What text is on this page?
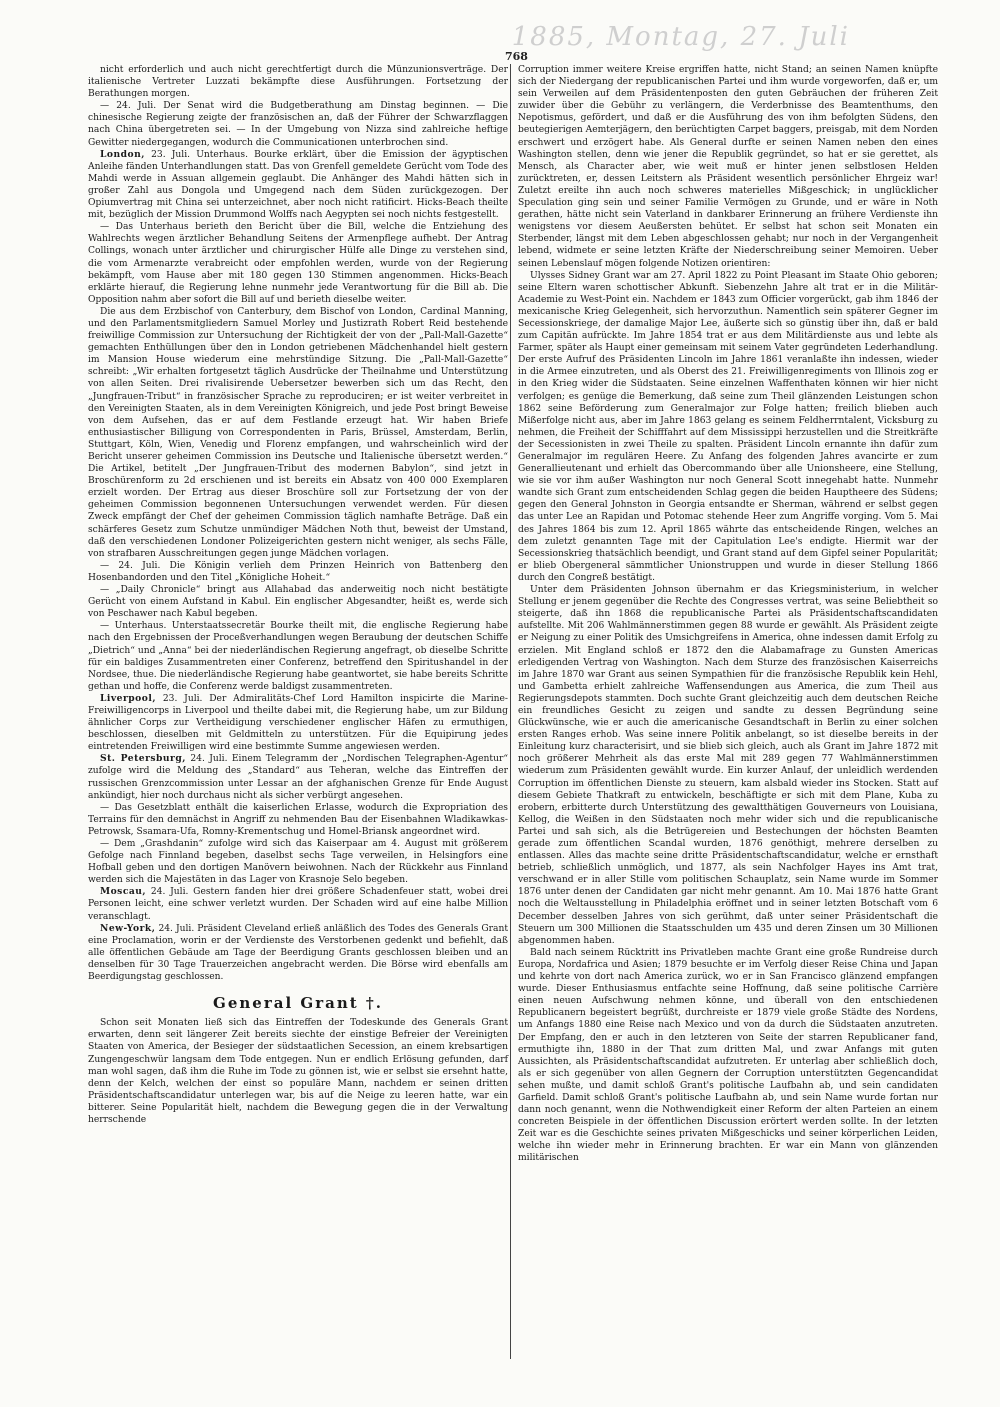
1885, Montag, 27. Juli
768

nicht erforderlich und auch nicht gerechtfertigt durch die Münzunionsverträge. Der italienische Vertreter Luzzati bekämpfte diese Ausführungen. Fortsetzung der Berathungen morgen.

— 24. Juli. Der Senat wird die Budgetberathung am Dinstag beginnen. — Die chinesische Regierung zeigte der französischen an, daß der Führer der Schwarzflaggen nach China übergetreten sei. — In der Umgebung von Nizza sind zahlreiche heftige Gewitter niedergegangen, wodurch die Communicationen unterbrochen sind.

London, 23. Juli. Unterhaus. Bourke erklärt, über die Emission der ägyptischen Anleihe fänden Unterhandlungen statt. Das von Grenfell gemeldete Gerücht vom Tode des Mahdi werde in Assuan allgemein geglaubt. Die Anhänger des Mahdi hätten sich in großer Zahl aus Dongola und Umgegend nach dem Süden zurückgezogen. Der Opiumvertrag mit China sei unterzeichnet, aber noch nicht ratificirt. Hicks-Beach theilte mit, bezüglich der Mission Drummond Wolffs nach Aegypten sei noch nichts festgestellt.

— Das Unterhaus berieth den Bericht über die Bill, welche die Entziehung des Wahlrechts wegen ärztlicher Behandlung Seitens der Armenpflege aufhebt. Der Antrag Collings, wonach unter ärztlicher und chirurgischer Hülfe alle Dinge zu verstehen sind, die vom Armenarzte verabreicht oder empfohlen werden, wurde von der Regierung bekämpft, vom Hause aber mit 180 gegen 130 Stimmen angenommen. Hicks-Beach erklärte hierauf, die Regierung lehne nunmehr jede Verantwortung für die Bill ab. Die Opposition nahm aber sofort die Bill auf und berieth dieselbe weiter.

Die aus dem Erzbischof von Canterbury, dem Bischof von London, Cardinal Manning, und den Parlamentsmitgliedern Samuel Morley und Justizrath Robert Reid bestehende freiwillige Commission zur Untersuchung der Richtigkeit der von der „Pall-Mall-Gazette“ gemachten Enthüllungen über den in London getriebenen Mädchenhandel hielt gestern im Mansion House wiederum eine mehrstündige Sitzung. Die „Pall-Mall-Gazette“ schreibt: „Wir erhalten fortgesetzt täglich Ausdrücke der Theilnahme und Unterstützung von allen Seiten. Drei rivalisirende Uebersetzer bewerben sich um das Recht, den „Jungfrauen-Tribut“ in französischer Sprache zu reproduciren; er ist weiter verbreitet in den Vereinigten Staaten, als in dem Vereinigten Königreich, und jede Post bringt Beweise von dem Aufsehen, das er auf dem Festlande erzeugt hat. Wir haben Briefe enthusiastischer Billigung von Correspondenten in Paris, Brüssel, Amsterdam, Berlin, Stuttgart, Köln, Wien, Venedig und Florenz empfangen, und wahrscheinlich wird der Bericht unserer geheimen Commission ins Deutsche und Italienische übersetzt werden.“ Die Artikel, betitelt „Der Jungfrauen-Tribut des modernen Babylon“, sind jetzt in Broschürenform zu 2d erschienen und ist bereits ein Absatz von 400 000 Exemplaren erzielt worden. Der Ertrag aus dieser Broschüre soll zur Fortsetzung der von der geheimen Commission begonnenen Untersuchungen verwendet werden. Für diesen Zweck empfängt der Chef der geheimen Commission täglich namhafte Beträge. Daß ein schärferes Gesetz zum Schutze unmündiger Mädchen Noth thut, beweist der Umstand, daß den verschiedenen Londoner Polizeigerichten gestern nicht weniger, als sechs Fälle, von strafbaren Ausschreitungen gegen junge Mädchen vorlagen.

— 24. Juli. Die Königin verlieh dem Prinzen Heinrich von Battenberg den Hosenbandorden und den Titel „Königliche Hoheit.“

— „Daily Chronicle“ bringt aus Allahabad das anderweitig noch nicht bestätigte Gerücht von einem Aufstand in Kabul. Ein englischer Abgesandter, heißt es, werde sich von Peschawer nach Kabul begeben.

— Unterhaus. Unterstaatssecretär Bourke theilt mit, die englische Regierung habe nach den Ergebnissen der Proceßverhandlungen wegen Beraubung der deutschen Schiffe „Dietrich“ und „Anna“ bei der niederländischen Regierung angefragt, ob dieselbe Schritte für ein baldiges Zusammentreten einer Conferenz, betreffend den Spiritushandel in der Nordsee, thue. Die niederländische Regierung habe geantwortet, sie habe bereits Schritte gethan und hoffe, die Conferenz werde baldigst zusammentreten.

Liverpool, 23. Juli. Der Admiralitäts-Chef Lord Hamilton inspicirte die Marine-Freiwilligencorps in Liverpool und theilte dabei mit, die Regierung habe, um zur Bildung ähnlicher Corps zur Vertheidigung verschiedener englischer Häfen zu ermuthigen, beschlossen, dieselben mit Geldmitteln zu unterstützen. Für die Equipirung jedes eintretenden Freiwilligen wird eine bestimmte Summe angewiesen werden.

St. Petersburg, 24. Juli. Einem Telegramm der „Nordischen Telegraphen-Agentur“ zufolge wird die Meldung des „Standard“ aus Teheran, welche das Eintreffen der russischen Grenzcommission unter Lessar an der afghanischen Grenze für Ende August ankündigt, hier noch durchaus nicht als sicher verbürgt angesehen.

— Das Gesetzblatt enthält die kaiserlichen Erlasse, wodurch die Expropriation des Terrains für den demnächst in Angriff zu nehmenden Bau der Eisenbahnen Wladikawkas-Petrowsk, Ssamara-Ufa, Romny-Krementschug und Homel-Briansk angeordnet wird.

— Dem „Grashdanin“ zufolge wird sich das Kaiserpaar am 4. August mit größerem Gefolge nach Finnland begeben, daselbst sechs Tage verweilen, in Helsingfors eine Hofball geben und den dortigen Manövern beiwohnen. Nach der Rückkehr aus Finnland werden sich die Majestäten in das Lager von Krasnoje Selo begeben.

Moscau, 24. Juli. Gestern fanden hier drei größere Schadenfeuer statt, wobei drei Personen leicht, eine schwer verletzt wurden. Der Schaden wird auf eine halbe Million veranschlagt.

New-York, 24. Juli. Präsident Cleveland erließ anläßlich des Todes des Generals Grant eine Proclamation, worin er der Verdienste des Verstorbenen gedenkt und befiehlt, daß alle öffentlichen Gebäude am Tage der Beerdigung Grants geschlossen bleiben und an denselben für 30 Tage Trauerzeichen angebracht werden. Die Börse wird ebenfalls am Beerdigungstag geschlossen.

General Grant †.

Schon seit Monaten ließ sich das Eintreffen der Todeskunde des Generals Grant erwarten, denn seit längerer Zeit bereits siechte der einstige Befreier der Vereinigten Staaten von America, der Besieger der südstaatlichen Secession, an einem krebsartigen Zungengeschwür langsam dem Tode entgegen. Nun er endlich Erlösung gefunden, darf man wohl sagen, daß ihm die Ruhe im Tode zu gönnen ist, wie er selbst sie ersehnt hatte, denn der Kelch, welchen der einst so populäre Mann, nachdem er seinen dritten Präsidentschaftscandidatur unterlegen war, bis auf die Neige zu leeren hatte, war ein bitterer. Seine Popularität hielt, nachdem die Bewegung gegen die in der Verwaltung herrschende

Corruption immer weitere Kreise ergriffen hatte, nicht Stand; an seinen Namen knüpfte sich der Niedergang der republicanischen Partei und ihm wurde vorgeworfen, daß er, um sein Verweilen auf dem Präsidentenposten den guten Gebräuchen der früheren Zeit zuwider über die Gebühr zu verlängern, die Verderbnisse des Beamtenthums, den Nepotismus, gefördert, und daß er die Ausführung des von ihm befolgten Südens, den beutegierigen Aemterjägern, den berüchtigten Carpet baggers, preisgab, mit dem Norden erschwert und erzögert habe. Als General durfte er seinen Namen neben den eines Washington stellen, denn wie jener die Republik gegründet, so hat er sie gerettet, als Mensch, als Character aber, wie weit muß er hinter jenen selbstlosen Helden zurücktreten, er, dessen Leitstern als Präsident wesentlich persönlicher Ehrgeiz war! Zuletzt ereilte ihn auch noch schweres materielles Mißgeschick; in unglücklicher Speculation ging sein und seiner Familie Vermögen zu Grunde, und er wäre in Noth gerathen, hätte nicht sein Vaterland in dankbarer Erinnerung an frühere Verdienste ihn wenigstens vor diesem Aeußersten behütet. Er selbst hat schon seit Monaten ein Sterbender, längst mit dem Leben abgeschlossen gehabt; nur noch in der Vergangenheit lebend, widmete er seine letzten Kräfte der Niederschreibung seiner Memoiren. Ueber seinen Lebenslauf mögen folgende Notizen orientiren:

Ulysses Sidney Grant war am 27. April 1822 zu Point Pleasant im Staate Ohio geboren; seine Eltern waren schottischer Abkunft. Siebenzehn Jahre alt trat er in die Militär-Academie zu West-Point ein. Nachdem er 1843 zum Officier vorgerückt, gab ihm 1846 der mexicanische Krieg Gelegenheit, sich hervorzuthun. Namentlich sein späterer Gegner im Secessionskriege, der damalige Major Lee, äußerte sich so günstig über ihn, daß er bald zum Capitän aufrückte. Im Jahre 1854 trat er aus dem Militärdienste aus und lebte als Farmer, später als Haupt einer gemeinsam mit seinem Vater gegründeten Lederhandlung. Der erste Aufruf des Präsidenten Lincoln im Jahre 1861 veranlaßte ihn indessen, wieder in die Armee einzutreten, und als Oberst des 21. Freiwilligenregiments von Illinois zog er in den Krieg wider die Südstaaten. Seine einzelnen Waffenthaten können wir hier nicht verfolgen; es genüge die Bemerkung, daß seine zum Theil glänzenden Leistungen schon 1862 seine Beförderung zum Generalmajor zur Folge hatten; freilich blieben auch Mißerfolge nicht aus, aber im Jahre 1863 gelang es seinem Feldherrntalent, Vicksburg zu nehmen, die Freiheit der Schifffahrt auf dem Mississippi herzustellen und die Streitkräfte der Secessionisten in zwei Theile zu spalten. Präsident Lincoln ernannte ihn dafür zum Generalmajor im regulären Heere. Zu Anfang des folgenden Jahres avancirte er zum Generallieutenant und erhielt das Obercommando über alle Unionsheere, eine Stellung, wie sie vor ihm außer Washington nur noch General Scott innegehabt hatte. Nunmehr wandte sich Grant zum entscheidenden Schlag gegen die beiden Hauptheere des Südens; gegen den General Johnston in Georgia entsandte er Sherman, während er selbst gegen das unter Lee an Rapidan und Potomac stehende Heer zum Angriffe vorging. Vom 5. Mai des Jahres 1864 bis zum 12. April 1865 währte das entscheidende Ringen, welches an dem zuletzt genannten Tage mit der Capitulation Lee's endigte. Hiermit war der Secessionskrieg thatsächlich beendigt, und Grant stand auf dem Gipfel seiner Popularität; er blieb Obergeneral sämmtlicher Unionstruppen und wurde in dieser Stellung 1866 durch den Congreß bestätigt.

Unter dem Präsidenten Johnson übernahm er das Kriegsministerium, in welcher Stellung er jenem gegenüber die Rechte des Congresses vertrat, was seine Beliebtheit so steigerte, daß ihn 1868 die republicanische Partei als Präsidentschaftscandidaten aufstellte. Mit 206 Wahlmännerstimmen gegen 88 wurde er gewählt. Als Präsident zeigte er Neigung zu einer Politik des Umsichgreifens in America, ohne indessen damit Erfolg zu erzielen. Mit England schloß er 1872 den die Alabamafrage zu Gunsten Americas erledigenden Vertrag von Washington. Nach dem Sturze des französischen Kaiserreichs im Jahre 1870 war Grant aus seinen Sympathien für die französische Republik kein Hehl, und Gambetta erhielt zahlreiche Waffensendungen aus America, die zum Theil aus Regierungsdepots stammten. Doch suchte Grant gleichzeitig auch dem deutschen Reiche ein freundliches Gesicht zu zeigen und sandte zu dessen Begründung seine Glückwünsche, wie er auch die americanische Gesandtschaft in Berlin zu einer solchen ersten Ranges erhob. Was seine innere Politik anbelangt, so ist dieselbe bereits in der Einleitung kurz characterisirt, und sie blieb sich gleich, auch als Grant im Jahre 1872 mit noch größerer Mehrheit als das erste Mal mit 289 gegen 77 Wahlmännerstimmen wiederum zum Präsidenten gewählt wurde. Ein kurzer Anlauf, der unleidlich werdenden Corruption im öffentlichen Dienste zu steuern, kam alsbald wieder ins Stocken. Statt auf diesem Gebiete Thatkraft zu entwickeln, beschäftigte er sich mit dem Plane, Kuba zu erobern, erbitterte durch Unterstützung des gewaltthätigen Gouverneurs von Louisiana, Kellog, die Weißen in den Südstaaten noch mehr wider sich und die republicanische Partei und sah sich, als die Betrügereien und Bestechungen der höchsten Beamten gerade zum öffentlichen Scandal wurden, 1876 genöthigt, mehrere derselben zu entlassen. Alles das machte seine dritte Präsidentschaftscandidatur, welche er ernsthaft betrieb, schließlich unmöglich, und 1877, als sein Nachfolger Hayes ins Amt trat, verschwand er in aller Stille vom politischen Schauplatz, sein Name wurde im Sommer 1876 unter denen der Candidaten gar nicht mehr genannt. Am 10. Mai 1876 hatte Grant noch die Weltausstellung in Philadelphia eröffnet und in seiner letzten Botschaft vom 6 December desselben Jahres von sich gerühmt, daß unter seiner Präsidentschaft die Steuern um 300 Millionen die Staatsschulden um 435 und deren Zinsen um 30 Millionen abgenommen haben.

Bald nach seinem Rücktritt ins Privatleben machte Grant eine große Rundreise durch Europa, Nordafrica und Asien; 1879 besuchte er im Verfolg dieser Reise China und Japan und kehrte von dort nach America zurück, wo er in San Francisco glänzend empfangen wurde. Dieser Enthusiasmus entfachte seine Hoffnung, daß seine politische Carrière einen neuen Aufschwung nehmen könne, und überall von den entschiedenen Republicanern begeistert begrüßt, durchreiste er 1879 viele große Städte des Nordens, um Anfangs 1880 eine Reise nach Mexico und von da durch die Südstaaten anzutreten. Der Empfang, den er auch in den letzteren von Seite der starren Republicaner fand, ermuthigte ihn, 1880 in der That zum dritten Mal, und zwar Anfangs mit guten Aussichten, als Präsidentschaftscandidat aufzutreten. Er unterlag aber schließlich doch, als er sich gegenüber von allen Gegnern der Corruption unterstützten Gegencandidat sehen mußte, und damit schloß Grant's politische Laufbahn ab, und sein candidaten Garfield. Damit schloß Grant's politische Laufbahn ab, und sein Name wurde fortan nur dann noch genannt, wenn die Nothwendigkeit einer Reform der alten Parteien an einem concreten Beispiele in der öffentlichen Discussion erörtert werden sollte. In der letzten Zeit war es die Geschichte seines privaten Mißgeschicks und seiner körperlichen Leiden, welche ihn wieder mehr in Erinnerung brachten. Er war ein Mann von glänzenden militärischen
